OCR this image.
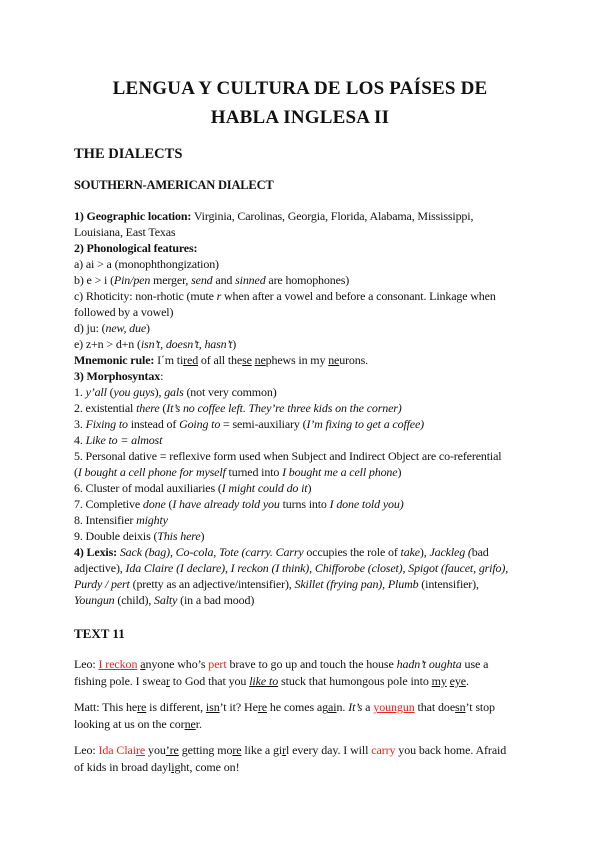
LENGUA Y CULTURA DE LOS PAÍSES DE
HABLA INGLESA II
THE DIALECTS
SOUTHERN-AMERICAN DIALECT
1) Geographic location: Virginia, Carolinas, Georgia, Florida, Alabama, Mississippi,
Louisiana, East Texas
2) Phonological features:
a) ai > a (monophthongization)
b) e > i (Pin/pen merger, send and sinned are homophones)
c) Rhoticity: non-rhotic (mute r when after a vowel and before a consonant. Linkage when
followed by a vowel)
d) ju: (new, due)
e) z+n > d+n (isn’t, doesn’t, hasn’t)
Mnemonic rule: I´m tired of all these nephews in my neurons.
3) Morphosyntax:
1. y’all (you guys), gals (not very common)
2. existential there (It’s no coffee left. They’re three kids on the corner)
3. Fixing to instead of Going to = semi-auxiliary (I’m fixing to get a coffee)
4. Like to = almost
5. Personal dative = reflexive form used when Subject and Indirect Object are co-referential
(I bought a cell phone for myself turned into I bought me a cell phone)
6. Cluster of modal auxiliaries (I might could do it)
7. Completive done (I have already told you turns into I done told you)
8. Intensifier mighty
9. Double deixis (This here)
4) Lexis: Sack (bag), Co-cola, Tote (carry. Carry occupies the role of take), Jackleg (bad
adjective), Ida Claire (I declare), I reckon (I think), Chifforobe (closet), Spigot (faucet, grifo),
Purdy / pert (pretty as an adjective/intensifier), Skillet (frying pan), Plumb (intensifier),
Youngun (child), Salty (in a bad mood)
TEXT 11

Leo: I reckon anyone who’s pert brave to go up and touch the house hadn’t oughta use a
fishing pole. I swear to God that you like to stuck that humongous pole into my eye.

Matt: This here is different, isn’t it? Here he comes again. It’s a youngun that doesn’t stop
looking at us on the corner.

Leo: Ida Claire you’re getting more like a girl every day. I will carry you back home. Afraid
of kids in broad daylight, come on!
